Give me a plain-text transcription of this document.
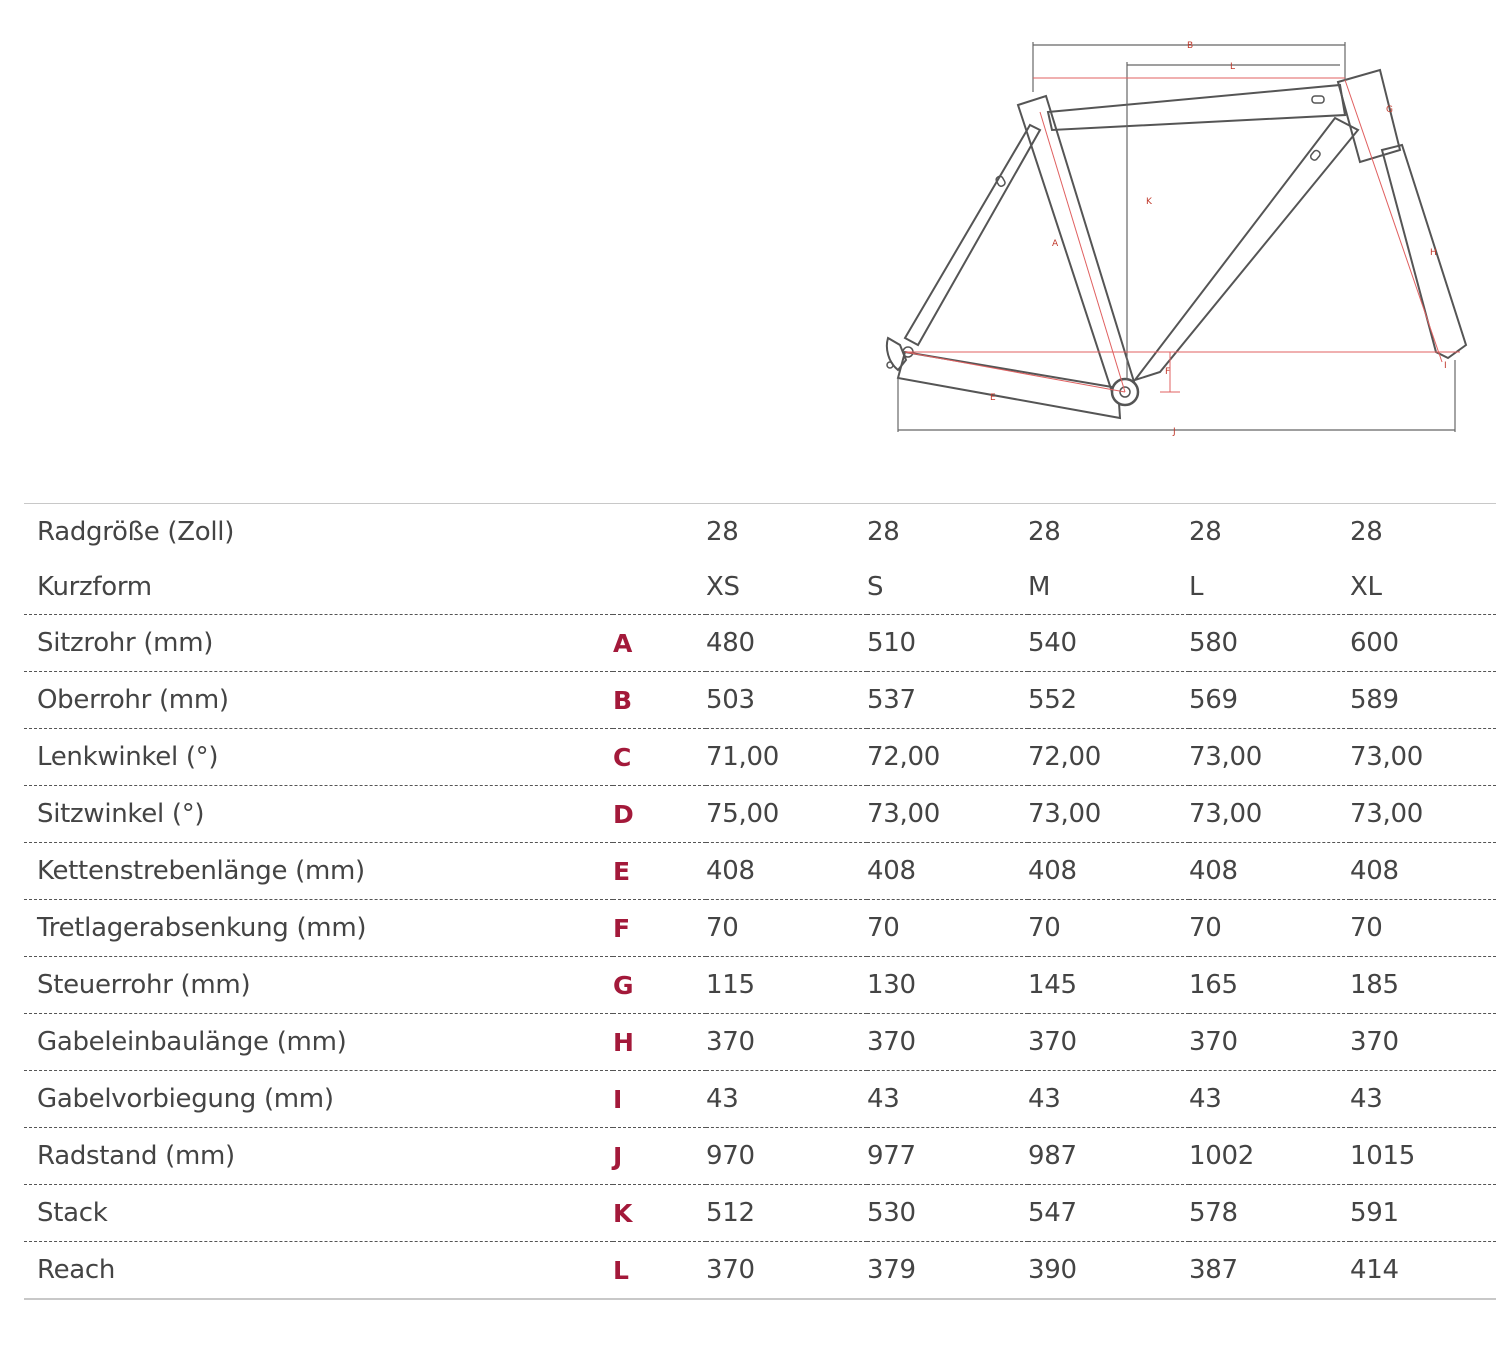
B
L
G
K
A
H
F
I
E
J
Radgröße (Zoll)		28	28	28	28	28
Kurzform		XS	S	M	L	XL
Sitzrohr (mm)	A	480	510	540	580	600
Oberrohr (mm)	B	503	537	552	569	589
Lenkwinkel (°)	C	71,00	72,00	72,00	73,00	73,00
Sitzwinkel (°)	D	75,00	73,00	73,00	73,00	73,00
Kettenstrebenlänge (mm)	E	408	408	408	408	408
Tretlagerabsenkung (mm)	F	70	70	70	70	70
Steuerrohr (mm)	G	115	130	145	165	185
Gabeleinbaulänge (mm)	H	370	370	370	370	370
Gabelvorbiegung (mm)	I	43	43	43	43	43
Radstand (mm)	J	970	977	987	1002	1015
Stack	K	512	530	547	578	591
Reach	L	370	379	390	387	414
